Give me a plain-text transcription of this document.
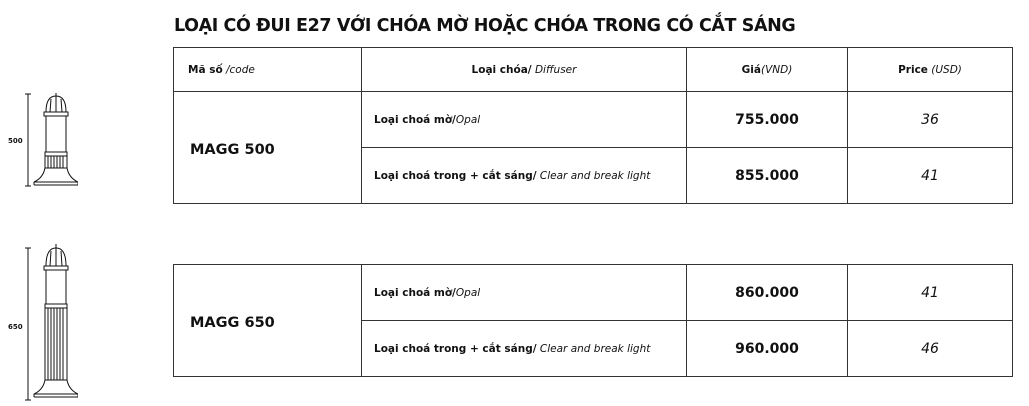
LOẠI CÓ ĐUI E27 VỚI CHÓA MỜ HOẶC CHÓA TRONG CÓ CẮT SÁNG
500
650
Mã số /code	Loại chóa/ Diffuser	Giá(VND)	Price (USD)
MAGG 500	Loại choá mờ/Opal	755.000	36
	Loại choá trong + cắt sáng/ Clear and break light	855.000	41
MAGG 650	Loại choá mờ/Opal	860.000	41
	Loại choá trong + cắt sáng/ Clear and break light	960.000	46
